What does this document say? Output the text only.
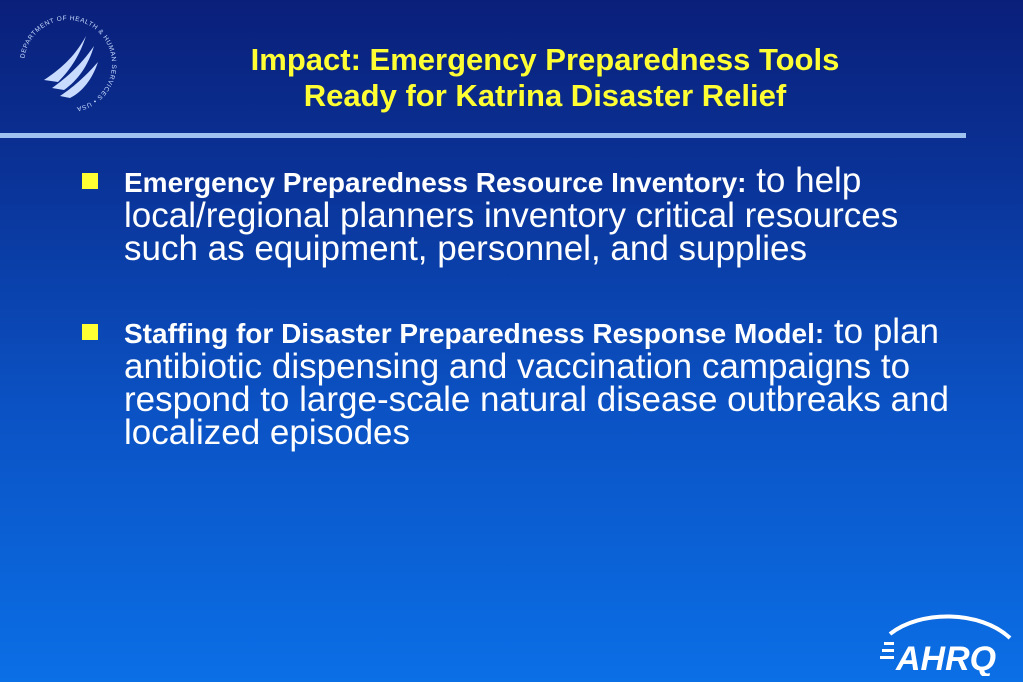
DEPARTMENT OF HEALTH & HUMAN SERVICES • USA
Impact: Emergency Preparedness Tools
Ready for Katrina Disaster Relief
Emergency Preparedness Resource Inventory: to help local/regional planners inventory critical resources such as equipment, personnel, and supplies
Staffing for Disaster Preparedness Response Model: to plan antibiotic dispensing and vaccination campaigns to respond to large-scale natural disease outbreaks and localized episodes
AHRQ
